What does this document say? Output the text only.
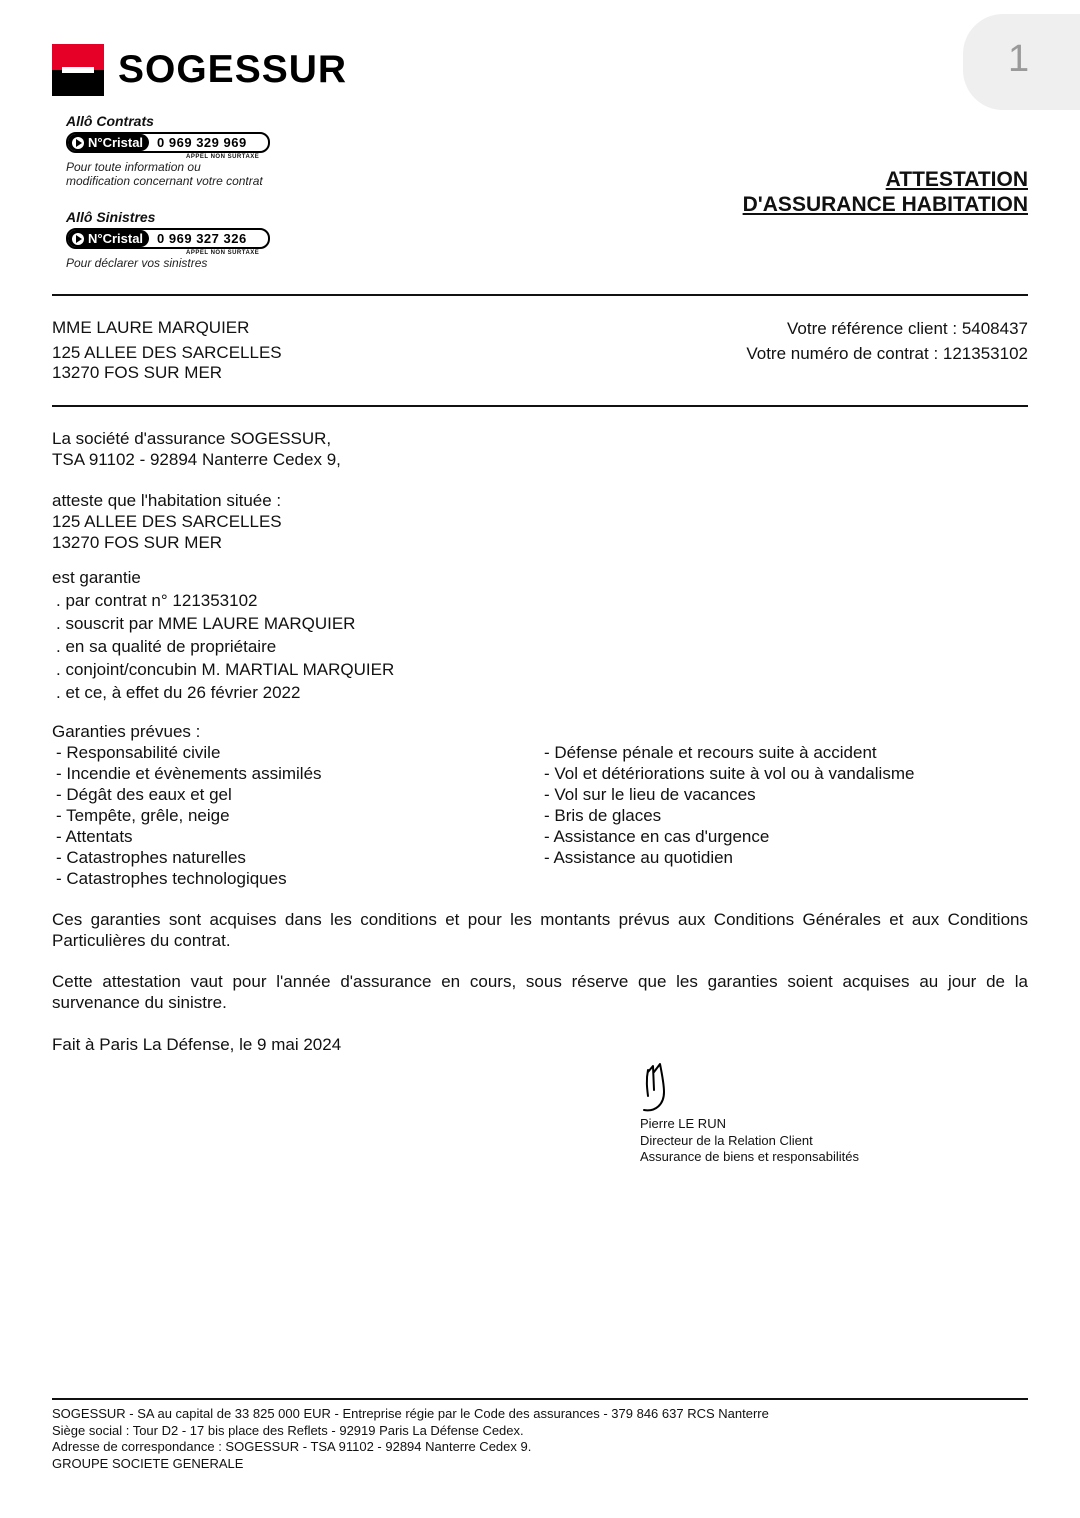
1
SOGESSUR
Allô Contrats
N°Cristal	0 969 329 969
APPEL NON SURTAXE
Pour toute information ou
modification concernant votre contrat
Allô Sinistres
N°Cristal	0 969 327 326
APPEL NON SURTAXE
Pour déclarer vos sinistres
ATTESTATION
D'ASSURANCE HABITATION
MME LAURE MARQUIER
125 ALLEE DES SARCELLES
13270 FOS SUR MER
Votre référence client : 5408437
Votre numéro de contrat : 121353102
La société d'assurance SOGESSUR,
TSA 91102 - 92894 Nanterre Cedex 9,
atteste que l'habitation située :
125 ALLEE DES SARCELLES
13270 FOS SUR MER
est garantie
. par contrat n° 121353102
. souscrit par MME LAURE MARQUIER
. en sa qualité de propriétaire
. conjoint/concubin M. MARTIAL MARQUIER
. et ce, à effet du 26 février 2022
Garanties prévues :
- Responsabilité civile
- Incendie et évènements assimilés
- Dégât des eaux et gel
- Tempête, grêle, neige
- Attentats
- Catastrophes naturelles
- Catastrophes technologiques
- Défense pénale et recours suite à accident
- Vol et détériorations suite à vol ou à vandalisme
- Vol sur le lieu de vacances
- Bris de glaces
- Assistance en cas d'urgence
- Assistance au quotidien
Ces garanties sont acquises dans les conditions et pour les montants prévus aux Conditions Générales et aux Conditions Particulières du contrat.
Cette attestation vaut pour l'année d'assurance en cours, sous réserve que les garanties soient acquises au jour de la survenance du sinistre.
Fait à Paris La Défense, le 9 mai 2024
Pierre LE RUN
Directeur de la Relation Client
Assurance de biens et responsabilités
SOGESSUR - SA au capital de 33 825 000 EUR - Entreprise régie par le Code des assurances - 379 846 637 RCS Nanterre
Siège social : Tour D2 - 17 bis place des Reflets - 92919 Paris La Défense Cedex.
Adresse de correspondance : SOGESSUR - TSA 91102 - 92894 Nanterre Cedex 9.
GROUPE SOCIETE GENERALE
